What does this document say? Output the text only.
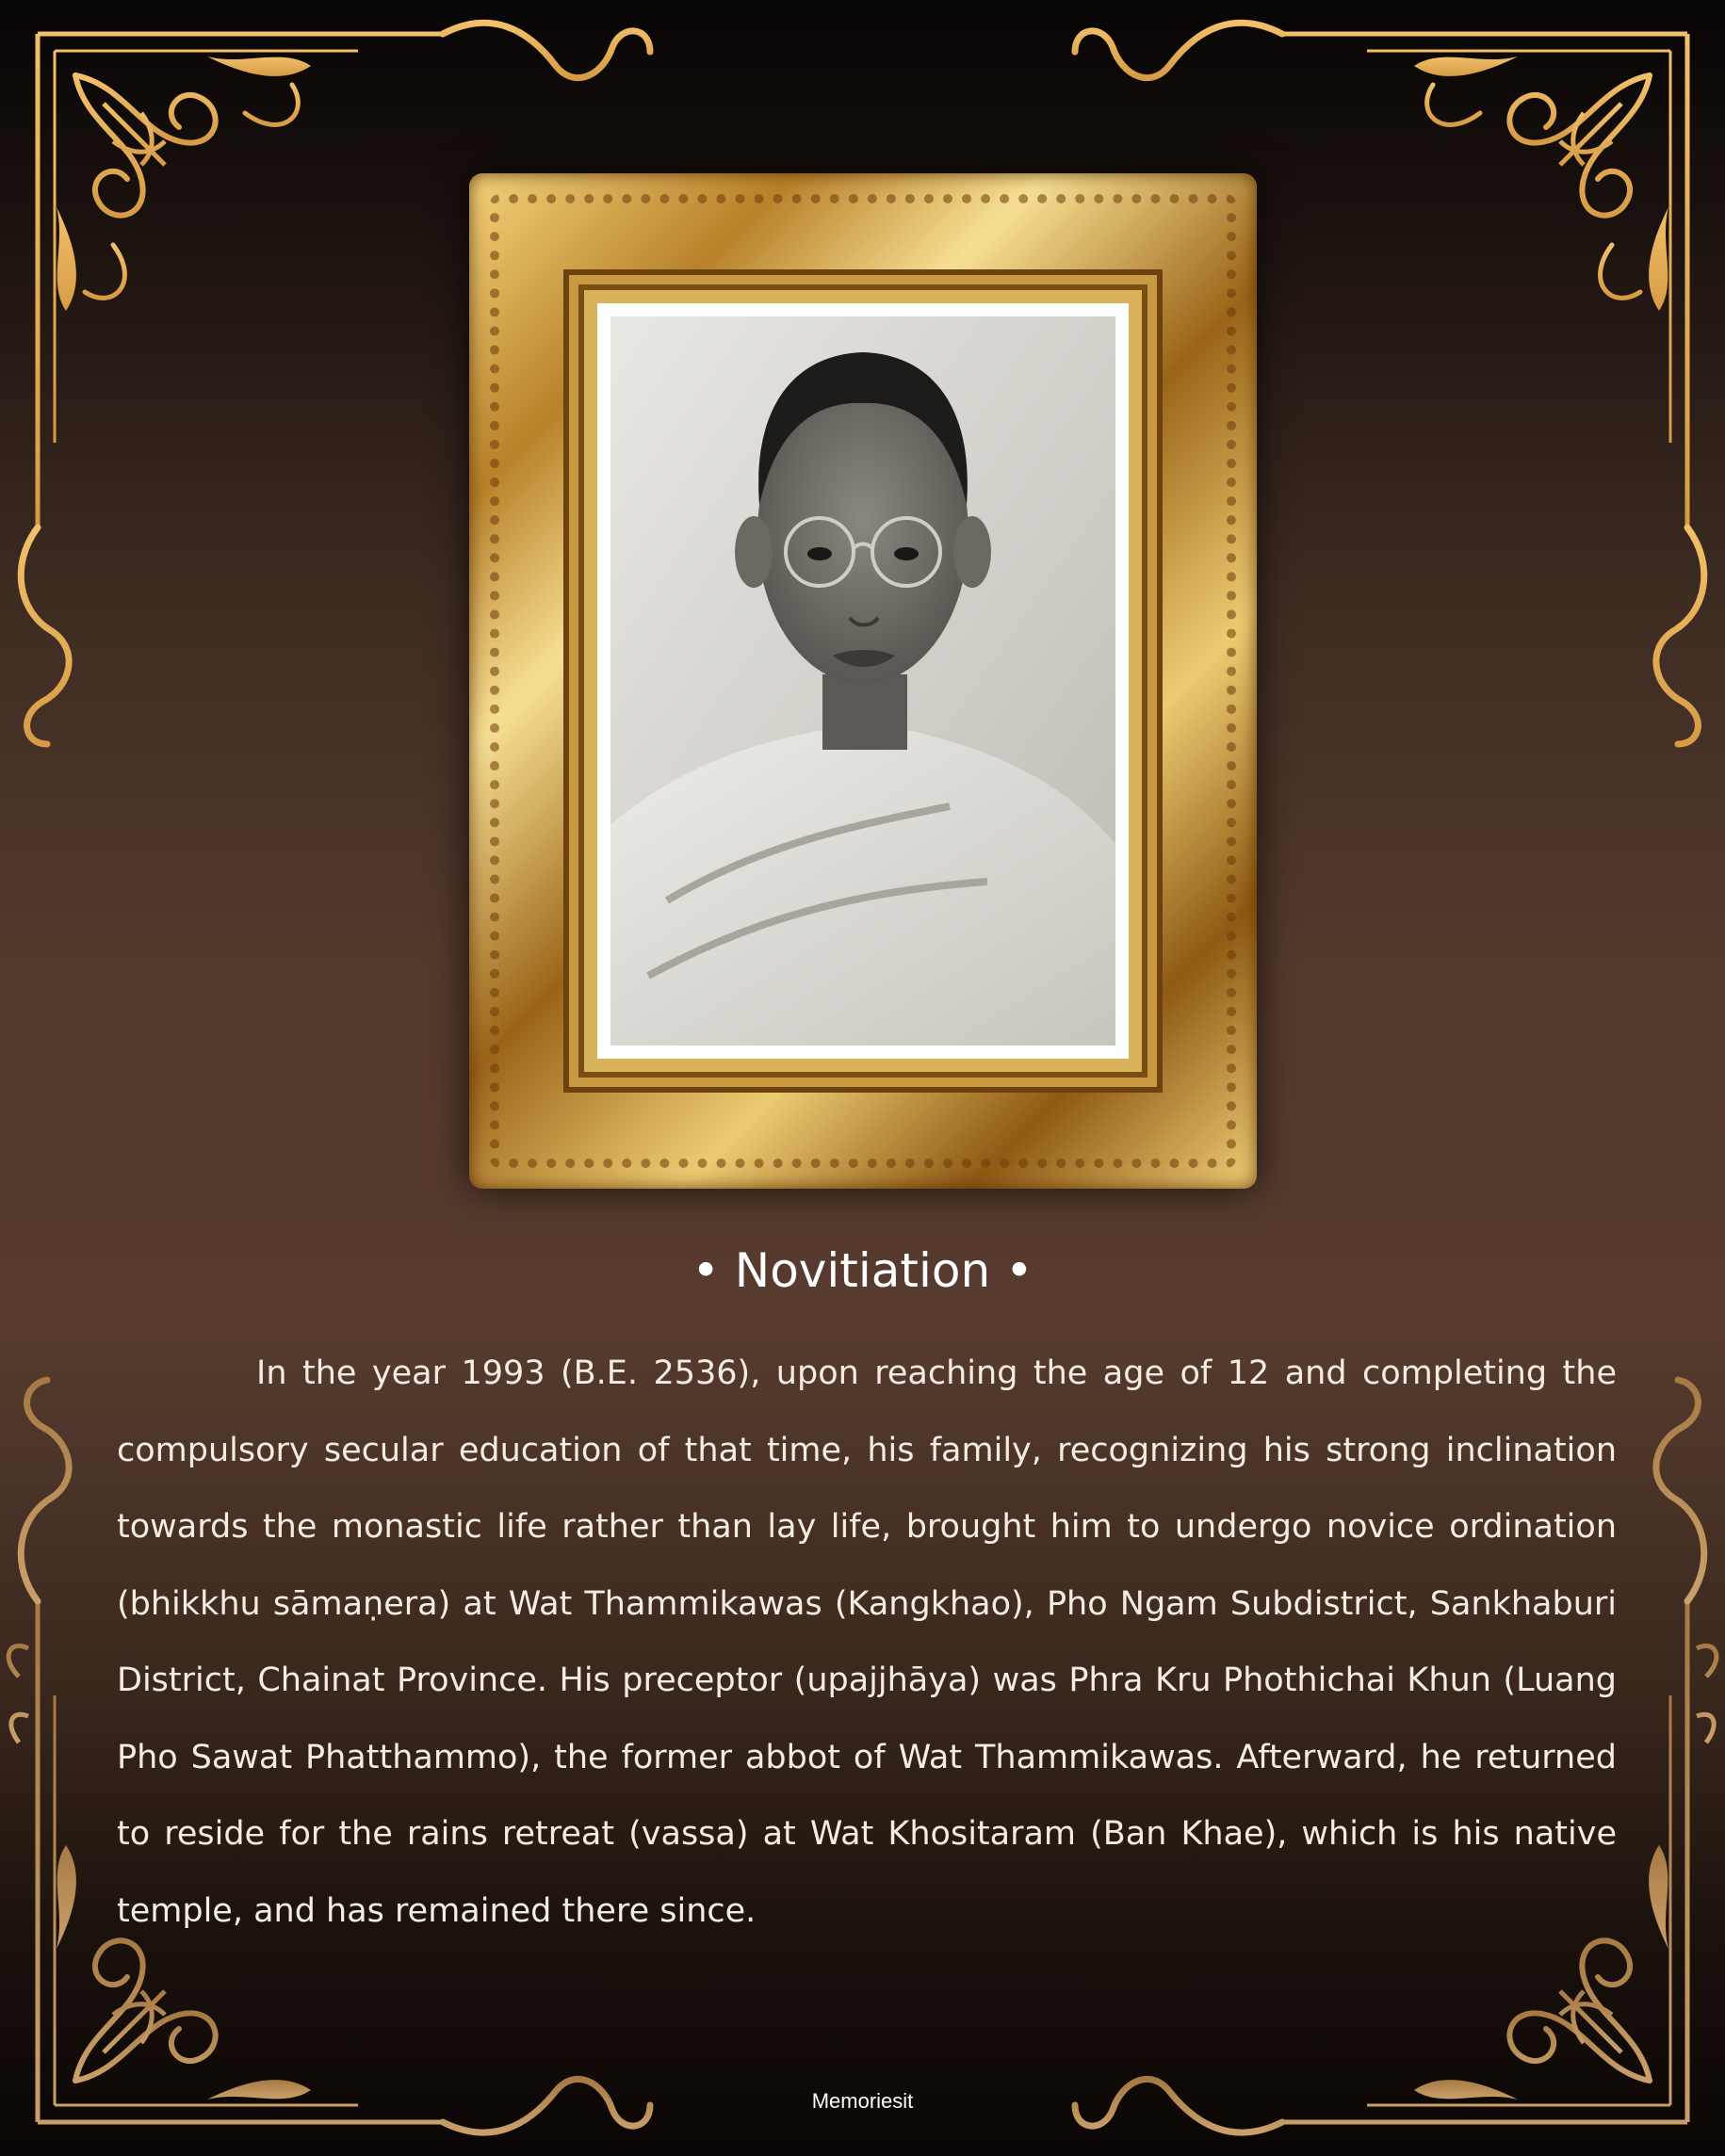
• Novitiation •
In the year 1993 (B.E. 2536), upon reaching the age of 12 and completing the compulsory secular education of that time, his family, recognizing his strong inclination towards the monastic life rather than lay life, brought him to undergo novice ordination (bhikkhu sāmaṇera) at Wat Thammikawas (Kangkhao), Pho Ngam Subdistrict, Sankhaburi District, Chainat Province. His preceptor (upajjhāya) was Phra Kru Phothichai Khun (Luang Pho Sawat Phatthammo), the former abbot of Wat Thammikawas. Afterward, he returned to reside for the rains retreat (vassa) at Wat Khositaram (Ban Khae), which is his native temple, and has remained there since.
Memoriesit
